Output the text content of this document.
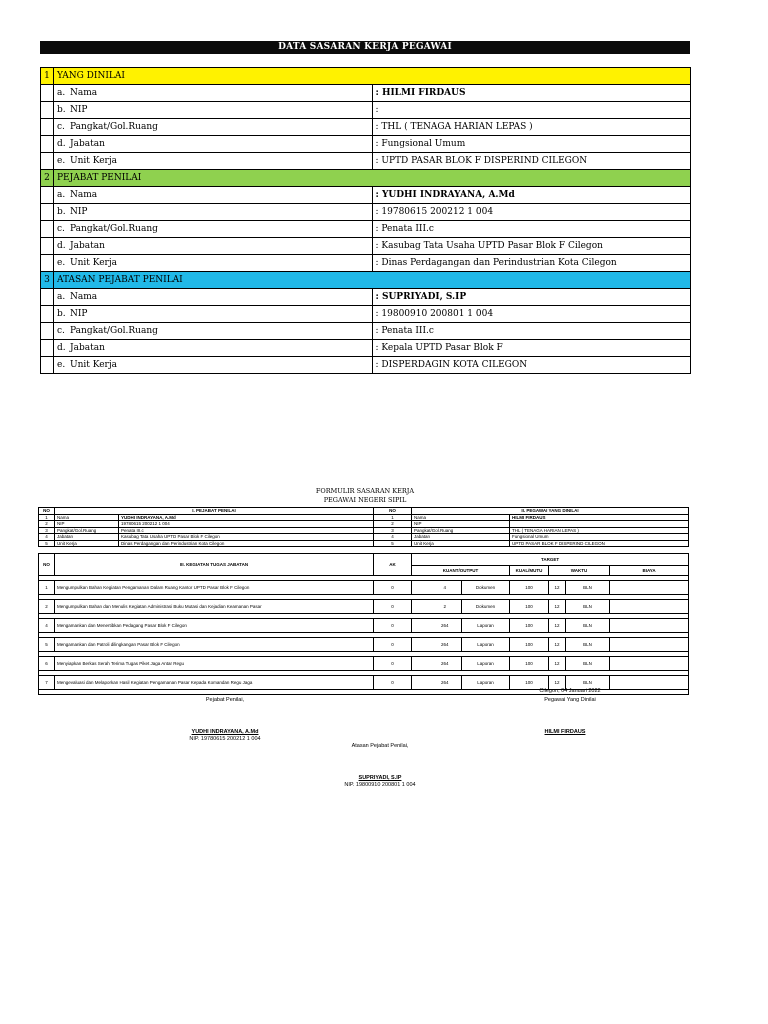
DATA SASARAN KERJA PEGAWAI
1	YANG DINILAI	
	a. Nama	: HILMI FIRDAUS
	b. NIP	:
	c. Pangkat/Gol.Ruang	: THL ( TENAGA HARIAN LEPAS )
	d. Jabatan	: Fungsional Umum
	e. Unit Kerja	: UPTD PASAR BLOK F DISPERIND CILEGON
2	PEJABAT PENILAI	
	a. Nama	: YUDHI INDRAYANA, A.Md
	b. NIP	: 19780615 200212 1 004
	c. Pangkat/Gol.Ruang	: Penata III.c
	d. Jabatan	: Kasubag Tata Usaha UPTD Pasar Blok F Cilegon
	e. Unit Kerja	: Dinas Perdagangan dan Perindustrian Kota Cilegon
3	ATASAN PEJABAT PENILAI	
	a. Nama	: SUPRIYADI, S.IP
	b. NIP	: 19800910 200801 1 004
	c. Pangkat/Gol.Ruang	: Penata III.c
	d. Jabatan	: Kepala UPTD Pasar Blok F
	e. Unit Kerja	: DISPERDAGIN KOTA CILEGON
FORMULIR SASARAN KERJA
PEGAWAI NEGERI SIPIL
NO	I. PEJABAT PENILAI		NO	II. PEGAWAI YANG DINILAI	
1	Nama	YUDHI INDRAYANA, A.Md	1	Nama	HILMI FIRDAUS
2	NIP	19780615 200212 1 004	2	NIP	
3	Pangkat/Gol.Ruang	Penata III.c	3	Pangkat/Gol.Ruang	THL ( TENAGA HARIAN LEPAS )
4	Jabatan	Kasubag Tata Usaha UPTD Pasar Blok F Cilegon	4	Jabatan	Fungsional Umum
5	Unit Kerja	Dinas Perdagangan dan Perindustrian Kota Cilegon	5	Unit Kerja	UPTD PASAR BLOK F DISPERIND CILEGON
NO	III. KEGIATAN TUGAS JABATAN	AK	TARGET						
			KUANT/OUTPUT			KUAL/MUTU	WAKTU		BIAYA

1	Mengumpulkan Bahan Kegiatan Pengamanan Dalam Ruang Kantor UPTD Pasar Blok F Cilegon	0		4	Dokumen	100	12	BLN	

2	Mengumpulkan Bahan dan Menulis Kegiatan Administrasi Buku Mutasi dan Kejadian Keamanan Pasar	0		2	Dokumen	100	12	BLN	

4	Mengamankan dan Menertibkan Pedagang Pasar Blok F Cilegon	0		264	Laporan	100	12	BLN	

5	Mengamankan dan Patroli dilingkangan Pasar Blok F Cilegon	0		264	Laporan	100	12	BLN	

6	Menyiapkan Berkas Serah Terima Tugas Piket Jaga Antar Regu	0		264	Laporan	100	12	BLN	

7	Mengevaluasi dan Melaporkan Hasil Kegiatan Pengamanan Pasar Kepada Komandan Regu Jaga	0		264	Laporan	100	12	BLN	

Cilegon, 04 Januari 2022
Pejabat Penilai,	Pegawai Yang Dinilai
YUDHI INDRAYANA, A.Md
NIP. 19780615 200212 1 004
HILMI FIRDAUS
Atasan Pejabat Penilai,
SUPRIYADI, S.IP
NIP. 19800910 200801 1 004
